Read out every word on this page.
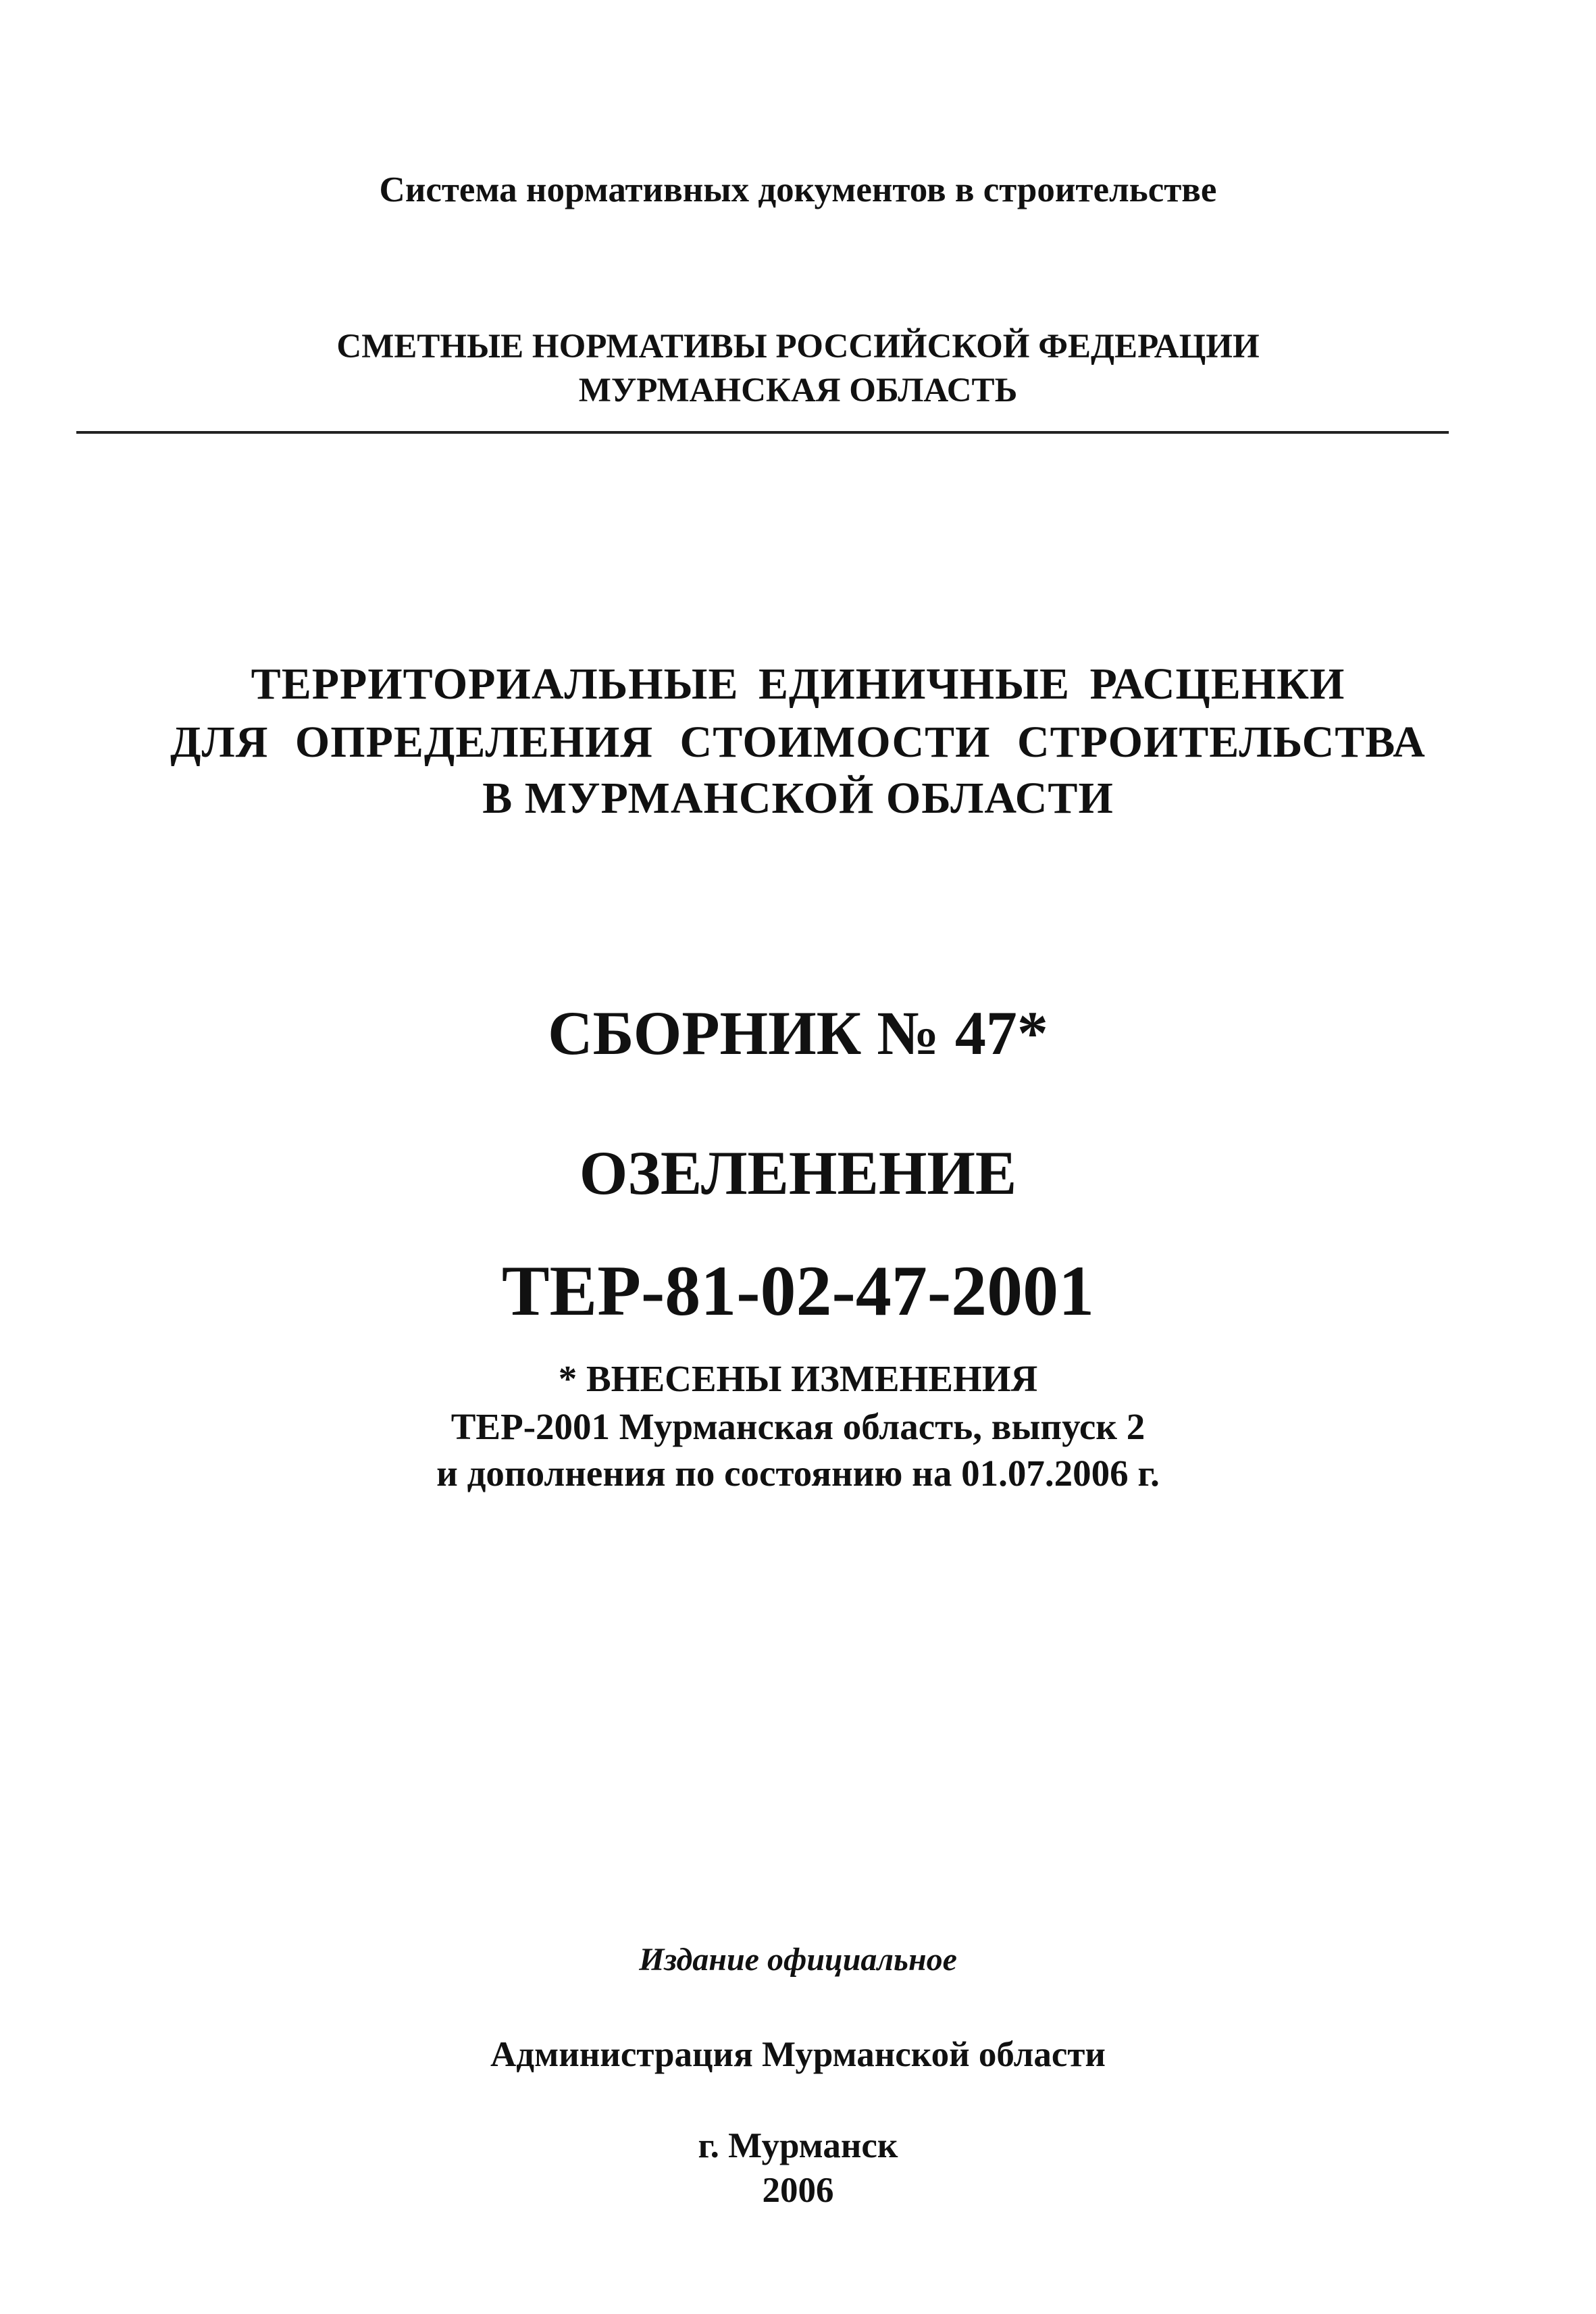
Система нормативных документов в строительстве
СМЕТНЫЕ НОРМАТИВЫ РОССИЙСКОЙ ФЕДЕРАЦИИ
МУРМАНСКАЯ ОБЛАСТЬ
ТЕРРИТОРИАЛЬНЫЕ ЕДИНИЧНЫЕ РАСЦЕНКИ
ДЛЯ ОПРЕДЕЛЕНИЯ СТОИМОСТИ СТРОИТЕЛЬСТВА
В МУРМАНСКОЙ ОБЛАСТИ
СБОРНИК № 47*
ОЗЕЛЕНЕНИЕ
ТЕР-81-02-47-2001
* ВНЕСЕНЫ ИЗМЕНЕНИЯ
ТЕР-2001 Мурманская область, выпуск 2
и дополнения по состоянию на 01.07.2006 г.
Издание официальное
Администрация Мурманской области
г. Мурманск
2006
